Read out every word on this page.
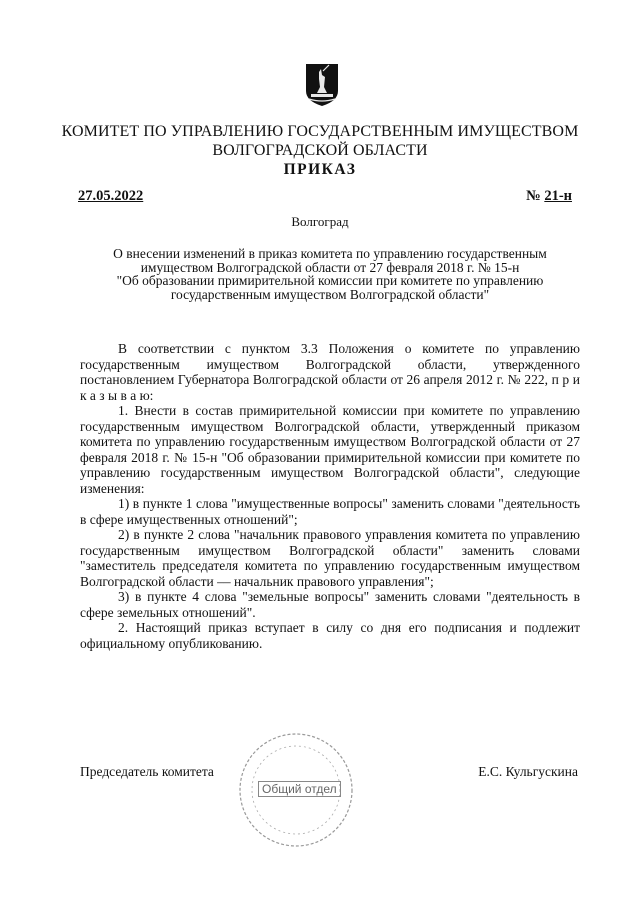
КОМИТЕТ ПО УПРАВЛЕНИЮ ГОСУДАРСТВЕННЫМ ИМУЩЕСТВОМ
ВОЛГОГРАДСКОЙ ОБЛАСТИ
ПРИКАЗ
27.05.2022	№ 21-н
Волгоград
О внесении изменений в приказ комитета по управлению государственным
имуществом Волгоградской области от 27 февраля 2018 г. № 15-н
"Об образовании примирительной комиссии при комитете по управлению
государственным имуществом Волгоградской области"

В соответствии с пунктом 3.3 Положения о комитете по управлению государственным имуществом Волгоградской области, утвержденного постановлением Губернатора Волгоградской области от 26 апреля 2012 г. № 222, п р и к а з ы в а ю:

1. Внести в состав примирительной комиссии при комитете по управлению государственным имуществом Волгоградской области, утвержденный приказом комитета по управлению государственным имуществом Волгоградской области от 27 февраля 2018 г. № 15-н "Об образовании примирительной комиссии при комитете по управлению государственным имуществом Волгоградской области", следующие изменения:

1) в пункте 1 слова "имущественные вопросы" заменить словами "деятельность в сфере имущественных отношений";

2) в пункте 2 слова "начальник правового управления комитета по управлению государственным имуществом Волгоградской области" заменить словами "заместитель председателя комитета по управлению государственным имуществом Волгоградской области –– начальник правового управления";

3) в пункте 4 слова "земельные вопросы" заменить словами "деятельность в сфере земельных отношений".

2. Настоящий приказ вступает в силу со дня его подписания и подлежит официальному опубликованию.

Общий отдел
Председатель комитета	Е.С. Кульгускина
